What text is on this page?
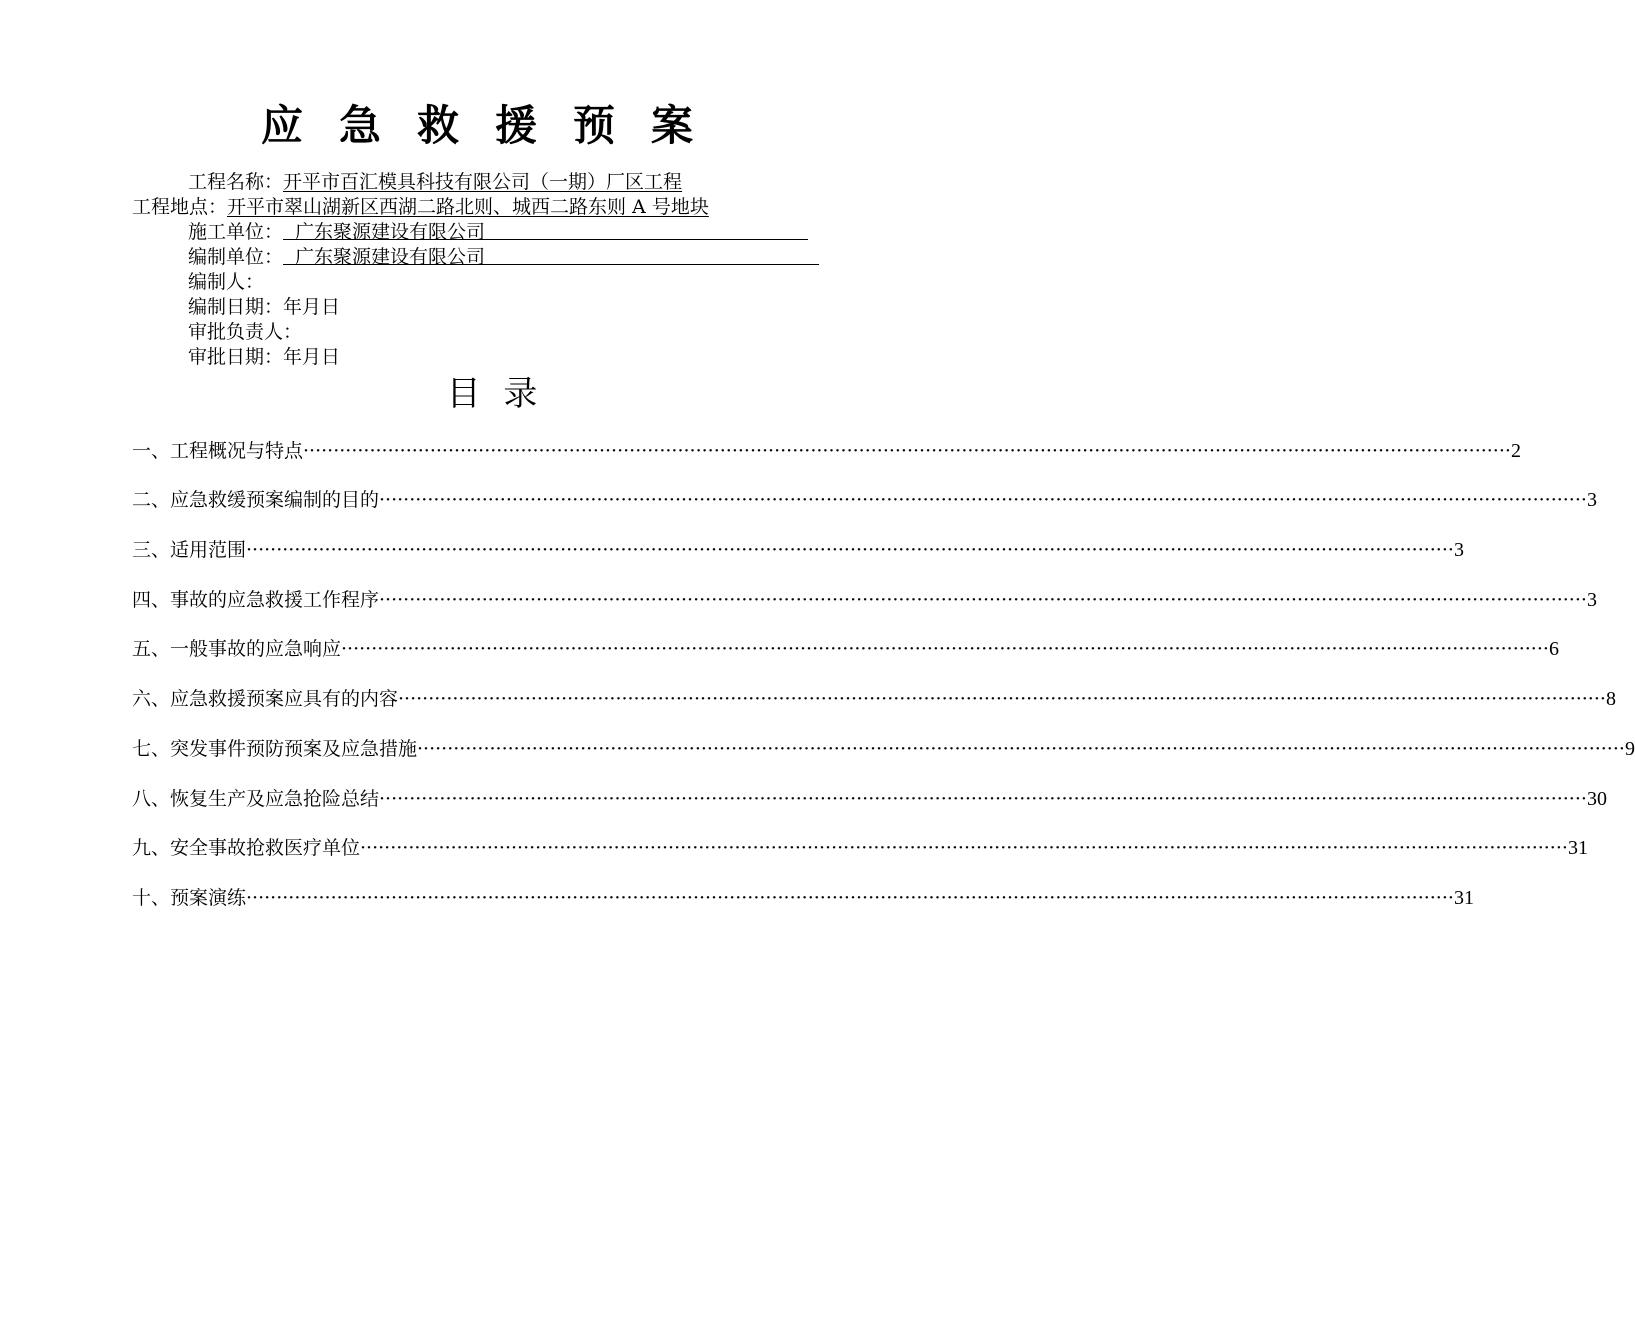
应急救援预案
工程名称：开平市百汇模具科技有限公司（一期）厂区工程
工程地点：开平市翠山湖新区西湖二路北则、城西二路东则 A 号地块
施工单位： 广东聚源建设有限公司
编制单位： 广东聚源建设有限公司
编制人：
编制日期：年月日
审批负责人：
审批日期：年月日
目 录
一、工程概况与特点 ········································································································································································································ 2
二、应急救缓预案编制的目的 ········································································································································································································ 3
三、适用范围 ········································································································································································································ 3
四、事故的应急救援工作程序 ········································································································································································································ 3
五、一般事故的应急响应 ········································································································································································································ 6
六、应急救援预案应具有的内容 ········································································································································································································ 8
七、突发事件预防预案及应急措施 ········································································································································································································ 9
八、恢复生产及应急抢险总结 ········································································································································································································ 30
九、安全事故抢救医疗单位 ········································································································································································································ 31
十、预案演练 ········································································································································································································ 31
